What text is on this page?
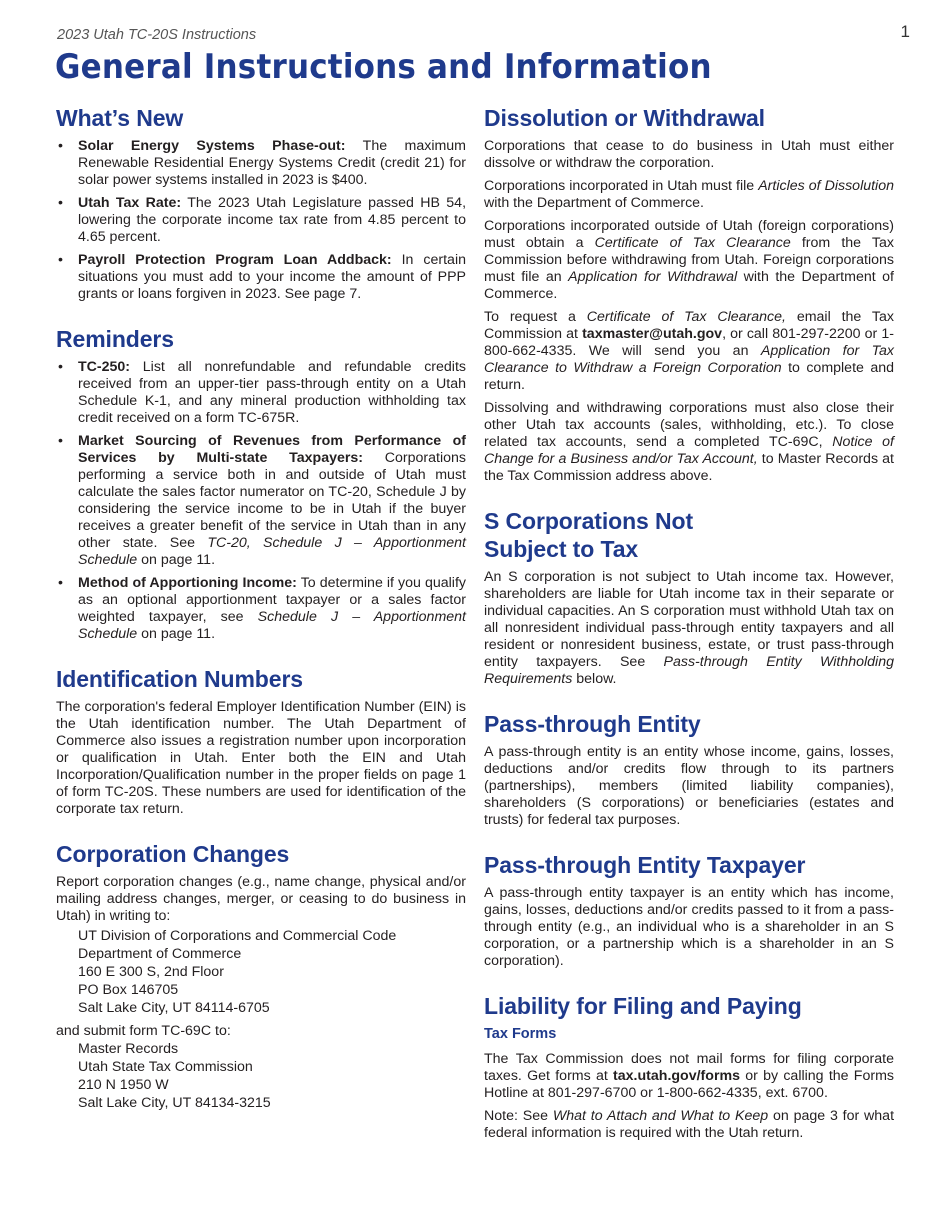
2023 Utah TC-20S Instructions	1
General Instructions and Information
What’s New
• Solar Energy Systems Phase-out: The maximum Renewable Residential Energy Systems Credit (credit 21) for solar power systems installed in 2023 is $400.
• Utah Tax Rate: The 2023 Utah Legislature passed HB 54, lowering the corporate income tax rate from 4.85 percent to 4.65 percent.
• Payroll Protection Program Loan Addback: In certain situations you must add to your income the amount of PPP grants or loans forgiven in 2023. See page 7.
Reminders
• TC-250: List all nonrefundable and refundable credits received from an upper-tier pass-through entity on a Utah Schedule K-1, and any mineral production withholding tax credit received on a form TC-675R.
• Market Sourcing of Revenues from Performance of Services by Multi-state Taxpayers: Corporations performing a service both in and outside of Utah must calculate the sales factor numerator on TC-20, Schedule J by considering the service income to be in Utah if the buyer receives a greater benefit of the service in Utah than in any other state. See TC-20, Schedule J – Apportionment Schedule on page 11.
• Method of Apportioning Income: To determine if you qualify as an optional apportionment taxpayer or a sales factor weighted taxpayer, see Schedule J – Apportionment Schedule on page 11.
Identification Numbers

The corporation's federal Employer Identification Number (EIN) is the Utah identification number. The Utah Department of Commerce also issues a registration number upon incorporation or qualification in Utah. Enter both the EIN and Utah Incorporation/Qualification number in the proper fields on page 1 of form TC-20S. These numbers are used for identification of the corporate tax return.

Corporation Changes

Report corporation changes (e.g., name change, physical and/or mailing address changes, merger, or ceasing to do business in Utah) in writing to:

UT Division of Corporations and Commercial Code
Department of Commerce
160 E 300 S, 2nd Floor
PO Box 146705
Salt Lake City, UT 84114-6705

and submit form TC-69C to:

Master Records
Utah State Tax Commission
210 N 1950 W
Salt Lake City, UT 84134-3215
Dissolution or Withdrawal

Corporations that cease to do business in Utah must either dissolve or withdraw the corporation.

Corporations incorporated in Utah must file Articles of Dissolution with the Department of Commerce.

Corporations incorporated outside of Utah (foreign corporations) must obtain a Certificate of Tax Clearance from the Tax Commission before withdrawing from Utah. Foreign corporations must file an Application for Withdrawal with the Department of Commerce.

To request a Certificate of Tax Clearance, email the Tax Commission at taxmaster@utah.gov, or call 801-297-2200 or 1-800-662-4335. We will send you an Application for Tax Clearance to Withdraw a Foreign Corporation to complete and return.

Dissolving and withdrawing corporations must also close their other Utah tax accounts (sales, withholding, etc.). To close related tax accounts, send a completed TC-69C, Notice of Change for a Business and/or Tax Account, to Master Records at the Tax Commission address above.

S Corporations Not
Subject to Tax

An S corporation is not subject to Utah income tax. However, shareholders are liable for Utah income tax in their separate or individual capacities. An S corporation must withhold Utah tax on all nonresident individual pass-through entity taxpayers and all resident or nonresident business, estate, or trust pass-through entity taxpayers. See Pass-through Entity Withholding Requirements below.

Pass-through Entity

A pass-through entity is an entity whose income, gains, losses, deductions and/or credits flow through to its partners (partnerships), members (limited liability companies), shareholders (S corporations) or beneficiaries (estates and trusts) for federal tax purposes.

Pass-through Entity Taxpayer

A pass-through entity taxpayer is an entity which has income, gains, losses, deductions and/or credits passed to it from a pass-through entity (e.g., an individual who is a shareholder in an S corporation, or a partnership which is a shareholder in an S corporation).

Liability for Filing and Paying
Tax Forms

The Tax Commission does not mail forms for filing corporate taxes. Get forms at tax.utah.gov/forms or by calling the Forms Hotline at 801-297-6700 or 1-800-662-4335, ext. 6700.

Note: See What to Attach and What to Keep on page 3 for what federal information is required with the Utah return.
